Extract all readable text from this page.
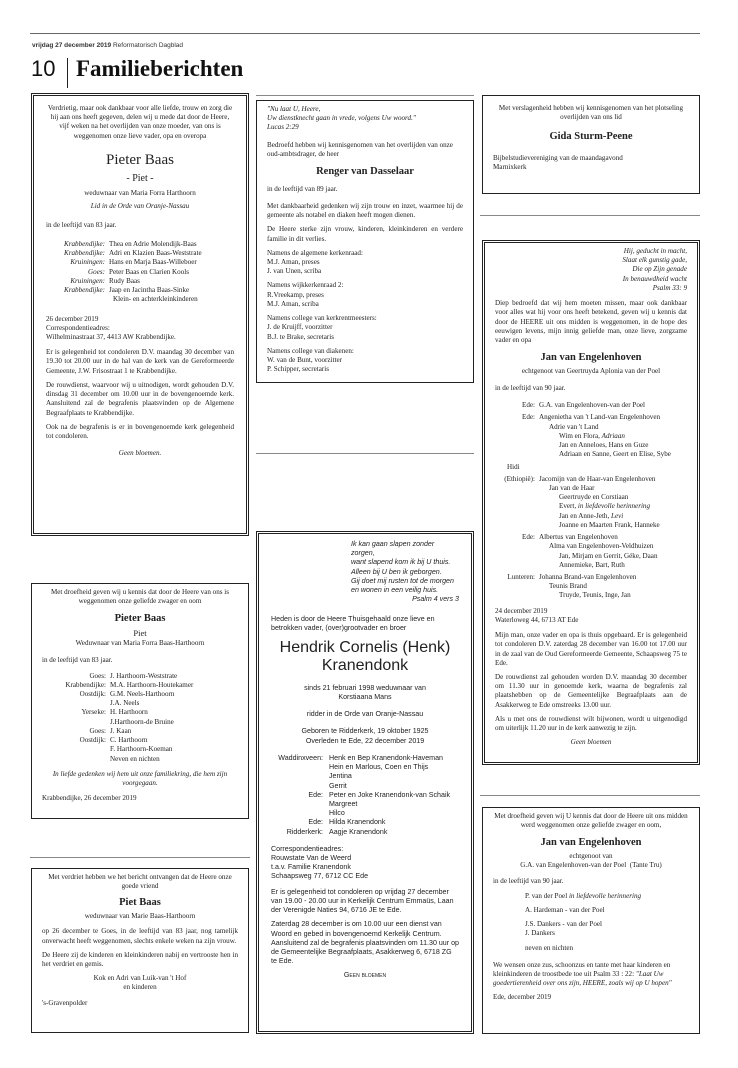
vrijdag 27 december 2019 Reformatorisch Dagblad
10 Familieberichten

Verdrietig, maar ook dankbaar voor alle liefde, trouw en zorg die hij aan ons heeft gegeven, delen wij u mede dat door de Heere, vijf weken na het overlijden van onze moeder, van ons is weggenomen onze lieve vader, opa en overopa

Pieter Baas
- Piet -
weduwnaar van Maria Forra Harthoorn
Lid in de Orde van Oranje-Nassau
in de leeftijd van 83 jaar.
Krabbendijke: Thea en Adrie Molendijk-Baas
Krabbendijke: Adri en Klazien Baas-Weststrate
Kruiningen: Hans en Marja Baas-Willeboer
Goes: Peter Baas en Clarien Kools
Kruiningen: Rudy Baas
Krabbendijke: Jaap en Jacintha Baas-Sinke
Klein- en achterkleinkinderen
26 december 2019
Correspondentieadres:
Wilhelminastraat 37, 4413 AW Krabbendijke.

Er is gelegenheid tot condoleren D.V. maandag 30 december van 19.30 tot 20.00 uur in de hal van de kerk van de Gereformeerde Gemeente, J.W. Frisostraat 1 te Krabbendijke.

De rouwdienst, waarvoor wij u uitnodigen, wordt gehouden D.V. dinsdag 31 december om 10.00 uur in de bovengenoemde kerk. Aansluitend zal de begrafenis plaatsvinden op de Algemene Begraafplaats te Krabbendijke.

Ook na de begrafenis is er in bovengenoemde kerk gelegenheid tot condoleren.

Geen bloemen.

Met droefheid geven wij u kennis dat door de Heere van ons is weggenomen onze geliefde zwager en oom

Pieter Baas
Piet
Weduwnaar van Maria Forra Baas-Harthoorn
in de leeftijd van 83 jaar.
Goes: J. Harthoorn-Weststrate
Krabbendijke: M.A. Harthoorn-Houtekamer
Oostdijk: G.M. Neels-Harthoorn
J.A. Neels
Yerseke: H. Harthoorn
J.Harthoorn-de Bruine
Goes: J. Kaan
Oostdijk: C. Harthoorn
F. Harthoorn-Koeman
Neven en nichten
In liefde gedenken wij hem uit onze familiekring, die hem zijn voorgegaan.
Krabbendijke, 26 december 2019

Met verdriet hebben we het bericht ontvangen dat de Heere onze goede vriend

Piet Baas
weduwnaar van Marie Baas-Harthoorn

op 26 december te Goes, in de leeftijd van 83 jaar, nog tamelijk onverwacht heeft weggenomen, slechts enkele weken na zijn vrouw.

De Heere zij de kinderen en kleinkinderen nabij en vertrooste hen in het verdriet en gemis.

Kok en Adri van Luik-van 't Hof
en kinderen
's-Gravenpolder
"Nu laat U, Heere,
Uw dienstknecht gaan in vrede, volgens Uw woord."
Lucas 2:29

Bedroefd hebben wij kennisgenomen van het overlijden van onze oud-ambtsdrager, de heer

Renger van Dasselaar
in de leeftijd van 89 jaar.

Met dankbaarheid gedenken wij zijn trouw en inzet, waarmee hij de gemeente als notabel en diaken heeft mogen dienen.

De Heere sterke zijn vrouw, kinderen, kleinkinderen en verdere familie in dit verlies.

Namens de algemene kerkenraad:
M.J. Aman, preses
J. van Unen, scriba
Namens wijkkerkenraad 2:
R.Vreekamp, preses
M.J. Aman, scriba
Namens college van kerkrentmeesters:
J. de Kruijff, voorzitter
B.J. te Brake, secretaris
Namens college van diakenen:
W. van de Bunt, voorzitter
P. Schipper, secretaris
Ik kan gaan slapen zonder zorgen,
want slapend kom ik bij U thuis.
Alleen bij U ben ik geborgen.
Gij doet mij rusten tot de morgen
en wonen in een veilig huis.
Psalm 4 vers 3

Heden is door de Heere Thuisgehaald onze lieve en betrokken vader, (over)grootvader en broer

Hendrik Cornelis (Henk)
Kranendonk
sinds 21 februari 1998 weduwnaar van
Korstiaana Mans
ridder in de Orde van Oranje-Nassau
Geboren te Ridderkerk, 19 oktober 1925
Overleden te Ede, 22 december 2019
Waddinxveen: Henk en Bep Kranendonk-Haveman
Hein en Marlous, Coen en Thijs
Jentina
Gerrit
Ede: Peter en Joke Kranendonk-van Schaik
Margreet
Hilco
Ede: Hilda Kranendonk
Ridderkerk: Aagje Kranendonk
Correspondentieadres:
Rouwstate Van de Weerd
t.a.v. Familie Kranendonk
Schaapsweg 77, 6712 CC Ede

Er is gelegenheid tot condoleren op vrijdag 27 december van 19.00 - 20.00 uur in Kerkelijk Centrum Emmaüs, Laan der Verenigde Naties 94, 6716 JE te Ede.

Zaterdag 28 december is om 10.00 uur een dienst van Woord en gebed in bovengenoemd Kerkelijk Centrum. Aansluitend zal de begrafenis plaatsvinden om 11.30 uur op de Gemeentelijke Begraafplaats, Asakkerweg 6, 6718 ZG te Ede.

Geen bloemen

Met verslagenheid hebben wij kennisgenomen van het plotseling overlijden van ons lid

Gida Sturm-Peene
Bijbelstudievereniging van de maandagavond
Marnixkerk
Hij, geducht in macht,
Slaat elk gunstig gade,
Die op Zijn genade
In benauwdheid wacht
Psalm 33: 9

Diep bedroefd dat wij hem moeten missen, maar ook dankbaar voor alles wat hij voor ons heeft betekend, geven wij u kennis dat door de HEERE uit ons midden is weggenomen, in de hope des eeuwigen levens, mijn innig geliefde man, onze lieve, zorgzame vader en opa

Jan van Engelenhoven
echtgenoot van Geertruyda Aplonia van der Poel
in de leeftijd van 90 jaar.
Ede: G.A. van Engelenhoven-van der Poel
Ede: Angenietha van 't Land-van Engelenhoven
Adrie van 't Land
Wim en Flora, Adriaan
Jan en Anneloes, Hans en Guze
Adriaan en Sanne, Geert en Elise, Sybe
Hidi
(Ethiopië): Jacomijn van de Haar-van Engelenhoven
Jan van de Haar
Geertruyde en Corstiaan
Evert, in liefdevolle herinnering
Jan en Anne-Jeth, Levi
Joanne en Maarten Frank, Hanneke
Ede: Albertus van Engelenhoven
Alma van Engelenhoven-Veldhuizen
Jan, Mirjam en Gerrit, Géke, Daan
Annemieke, Bart, Ruth
Lunteren: Johanna Brand-van Engelenhoven
Teunis Brand
Truyde, Teunis, Inge, Jan
24 december 2019
Waterloweg 44, 6713 AT Ede

Mijn man, onze vader en opa is thuis opgebaard. Er is gelegenheid tot condoleren D.V. zaterdag 28 december van 16.00 tot 17.00 uur in de zaal van de Oud Gereformeerde Gemeente, Schaapsweg 75 te Ede.

De rouwdienst zal gehouden worden D.V. maandag 30 december om 11.30 uur in genoemde kerk, waarna de begrafenis zal plaatshebben op de Gemeentelijke Begraafplaats aan de Asakkerweg te Ede omstreeks 13.00 uur.

Als u met ons de rouwdienst wilt bijwonen, wordt u uitgenodigd om uiterlijk 11.20 uur in de kerk aanwezig te zijn.

Geen bloemen

Met droefheid geven wij U kennis dat door de Heere uit ons midden werd weggenomen onze geliefde zwager en oom,

Jan van Engelenhoven
echtgenoot van
G.A. van Engelenhoven-van der Poel (Tante Tru)
in de leeftijd van 90 jaar.
P. van der Poel in liefdevolle herinnering
A. Hardeman - van der Poel
J.S. Dankers - van der Poel
J. Dankers
neven en nichten

We wensen onze zus, schoonzus en tante met haar kinderen en kleinkinderen de troostbede toe uit Psalm 33 : 22: "Laat Uw goedertierenheid over ons zijn, HEERE, zoals wij op U hopen"

Ede, december 2019
